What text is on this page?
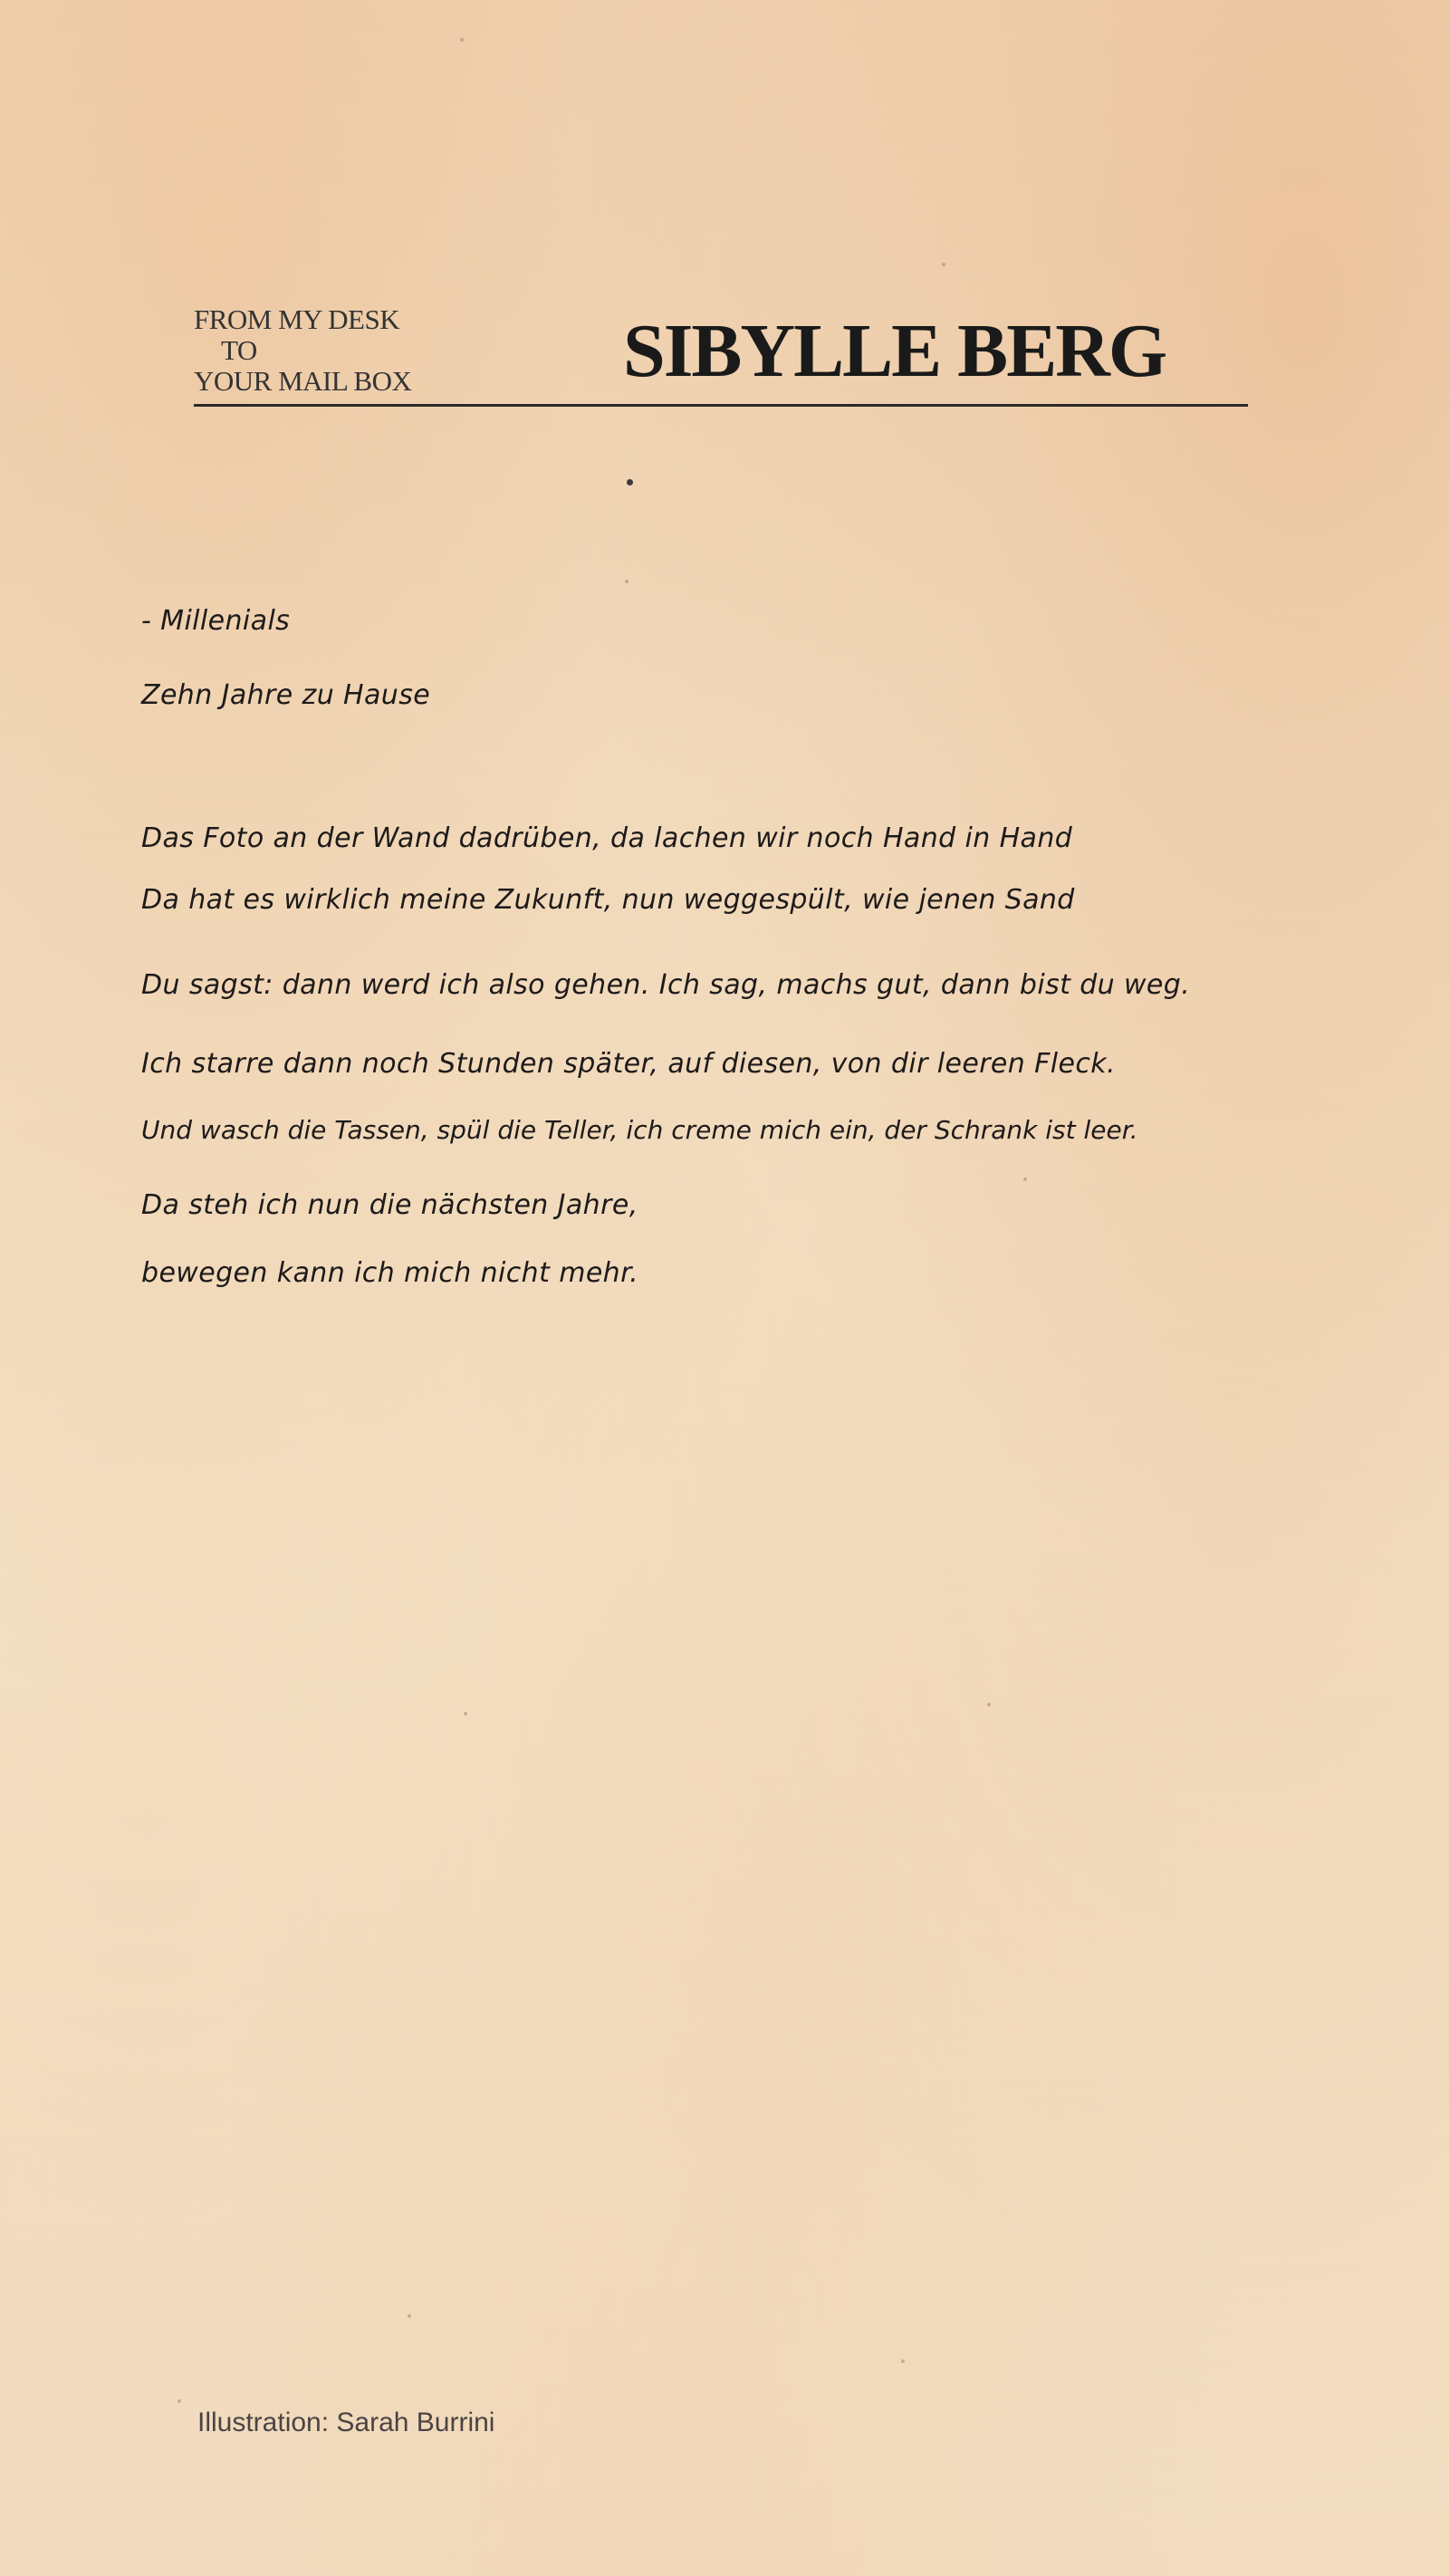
FROM MY DESK
TO
YOUR MAIL BOX	SIBYLLE BERG
- Millenials
Zehn Jahre zu Hause
Das Foto an der Wand dadrüben, da lachen wir noch Hand in Hand
Da hat es wirklich meine Zukunft, nun weggespült, wie jenen Sand
Du sagst: dann werd ich also gehen. Ich sag, machs gut, dann bist du weg.
Ich starre dann noch Stunden später, auf diesen, von dir leeren Fleck.
Und wasch die Tassen, spül die Teller, ich creme mich ein, der Schrank ist leer.
Da steh ich nun die nächsten Jahre,
bewegen kann ich mich nicht mehr.
Illustration: Sarah Burrini
